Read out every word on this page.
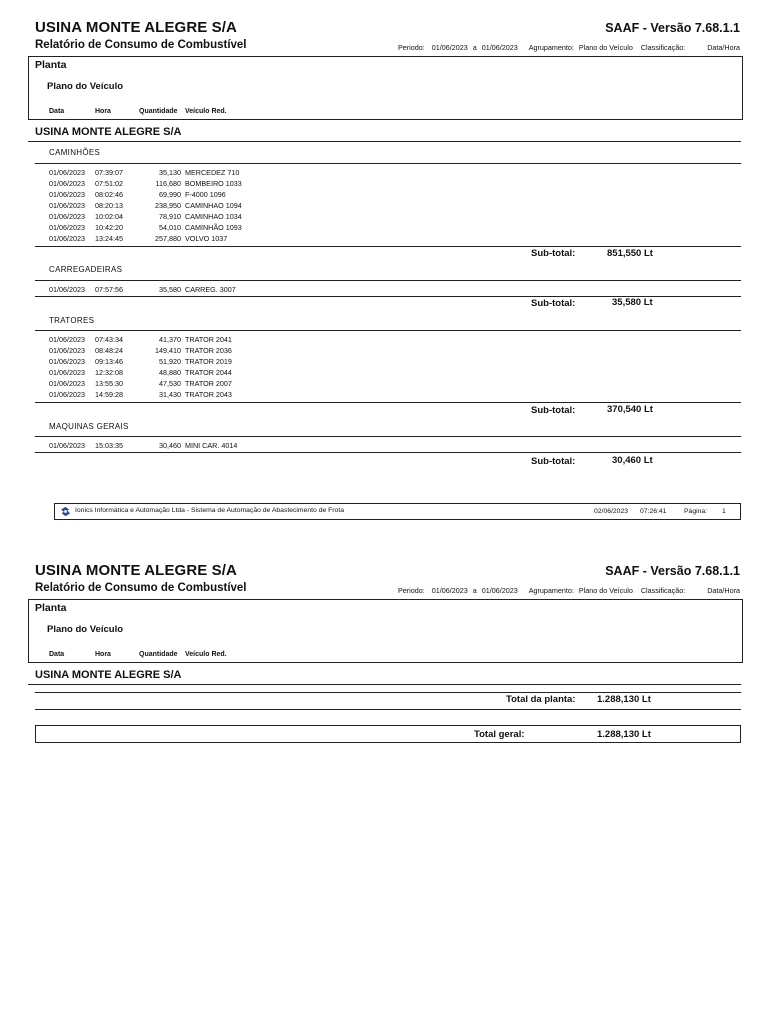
USINA MONTE ALEGRE S/A	SAAF - Versão 7.68.1.1
Relatório de Consumo de Combustível	Periodo: 01/06/2023 a 01/06/2023 Agrupamento: Plano do Veículo Classificação:	Data/Hora
Planta
Plano do Veículo
Data	Hora	Quantidade Veículo Red.
USINA MONTE ALEGRE S/A
CAMINHÕES
01/06/2023 07:39:07	35,130 MERCEDEZ 710
01/06/2023 07:51:02	116,680 BOMBEIRO 1033
01/06/2023 08:02:46	69,990 F-4000 1096
01/06/2023 08:20:13	238,950 CAMINHAO 1094
01/06/2023 10:02:04	78,910 CAMINHAO 1034
01/06/2023 10:42:20	54,010 CAMINHÃO 1093
01/06/2023 13:24:45	257,880 VOLVO 1037
Sub-total:	851,550 Lt
CARREGADEIRAS
01/06/2023 07:57:56	35,580 CARREG. 3007
Sub-total:	35,580 Lt
TRATORES
01/06/2023 07:43:34	41,370 TRATOR 2041
01/06/2023 08:48:24	149,410 TRATOR 2036
01/06/2023 09:13:46	51,920 TRATOR 2019
01/06/2023 12:32:08	48,880 TRATOR 2044
01/06/2023 13:55:30	47,530 TRATOR 2007
01/06/2023 14:59:28	31,430 TRATOR 2043
Sub-total:	370,540 Lt
MAQUINAS GERAIS
01/06/2023 15:03:35	30,460 MINI CAR. 4014
Sub-total:	30,460 Lt
Ionics Informática e Automação Ltda - Sistema de Automação de Abastecimento de Frota	02/06/2023 07:26:41	Página: 1
USINA MONTE ALEGRE S/A	SAAF - Versão 7.68.1.1
Relatório de Consumo de Combustível	Periodo: 01/06/2023 a 01/06/2023 Agrupamento: Plano do Veículo Classificação:	Data/Hora
Planta
Plano do Veículo
Data	Hora	Quantidade Veículo Red.
USINA MONTE ALEGRE S/A
Total da planta: 1.288,130 Lt
Total geral:	1.288,130 Lt
